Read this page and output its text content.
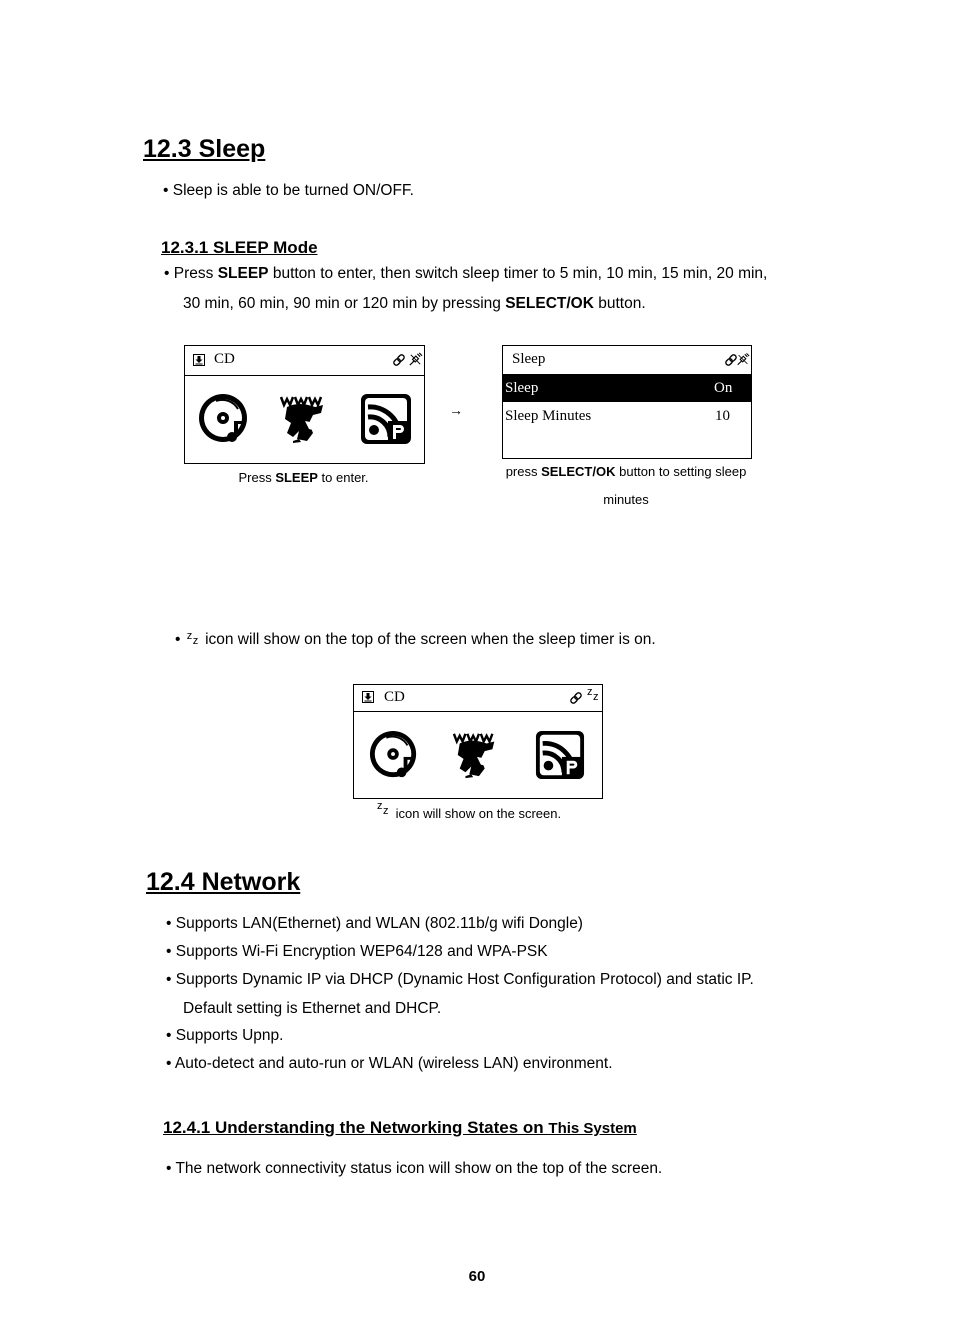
12.3 Sleep
• Sleep is able to be turned ON/OFF.
12.3.1 SLEEP Mode
• Press SLEEP button to enter, then switch sleep timer to 5 min, 10 min, 15 min, 20 min,
30 min, 60 min, 90 min or 120 min by pressing SELECT/OK button.
CD
Press SLEEP to enter.
→
Sleep
Sleep	On
Sleep Minutes	10
press SELECT/OK button to setting sleep
minutes
• z z icon will show on the top of the screen when the sleep timer is on.
CD	z z
z z icon will show on the screen.
12.4 Network
• Supports LAN(Ethernet) and WLAN (802.11b/g wifi Dongle)
• Supports Wi-Fi Encryption WEP64/128 and WPA-PSK
• Supports Dynamic IP via DHCP (Dynamic Host Configuration Protocol) and static IP.
Default setting is Ethernet and DHCP.
• Supports Upnp.
• Auto-detect and auto-run or WLAN (wireless LAN) environment.
12.4.1 Understanding the Networking States on This System
• The network connectivity status icon will show on the top of the screen.
60
